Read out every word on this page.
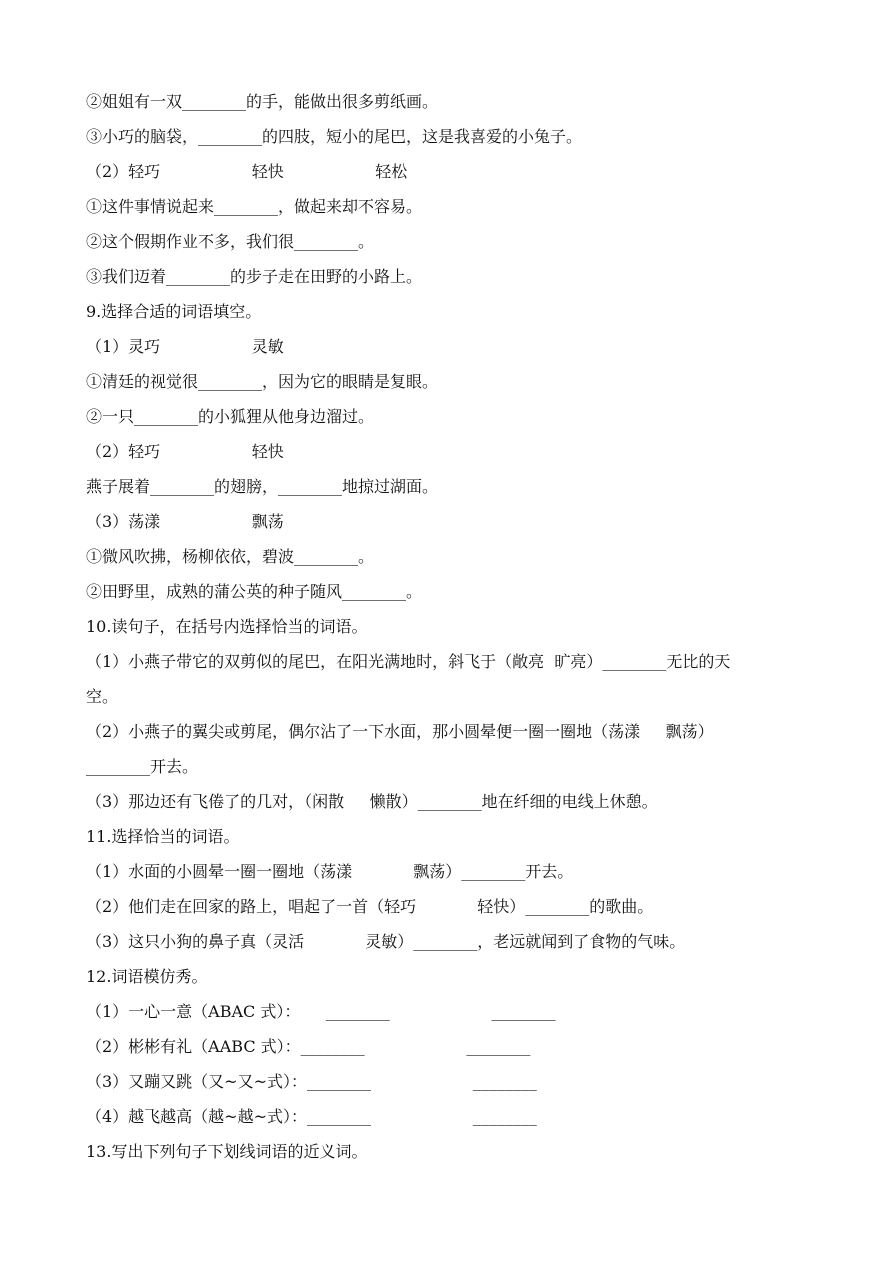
②姐姐有一双________的手，能做出很多剪纸画。
③小巧的脑袋，________的四肢，短小的尾巴，这是我喜爱的小兔子。
（2）轻巧                  轻快                  轻松
①这件事情说起来________，做起来却不容易。
②这个假期作业不多，我们很________。
③我们迈着________的步子走在田野的小路上。
9.选择合适的词语填空。
（1）灵巧                  灵敏
①清廷的视觉很________，因为它的眼睛是复眼。
②一只________的小狐狸从他身边溜过。
（2）轻巧                  轻快
燕子展着________的翅膀，________地掠过湖面。
（3）荡漾                  飘荡
①微风吹拂，杨柳依依，碧波________。
②田野里，成熟的蒲公英的种子随风________。
10.读句子，在括号内选择恰当的词语。
（1）小燕子带它的双剪似的尾巴，在阳光满地时，斜飞于（敞亮  旷亮）________无比的天
空。
（2）小燕子的翼尖或剪尾，偶尔沾了一下水面，那小圆晕便一圈一圈地（荡漾     飘荡）
________开去。
（3）那边还有飞倦了的几对，（闲散     懒散）________地在纤细的电线上休憩。
11.选择恰当的词语。
（1）水面的小圆晕一圈一圈地（荡漾            飘荡）________开去。
（2）他们走在回家的路上，唱起了一首（轻巧            轻快）________的歌曲。
（3）这只小狗的鼻子真（灵活            灵敏）________，老远就闻到了食物的气味。
12.词语模仿秀。
（1）一心一意（ABAC 式）：     ________                    ________
（2）彬彬有礼（AABC 式）：________                    ________
（3）又蹦又跳（又~又~式）：________                    ________
（4）越飞越高（越~越~式）：________                    ________
13.写出下列句子下划线词语的近义词。
